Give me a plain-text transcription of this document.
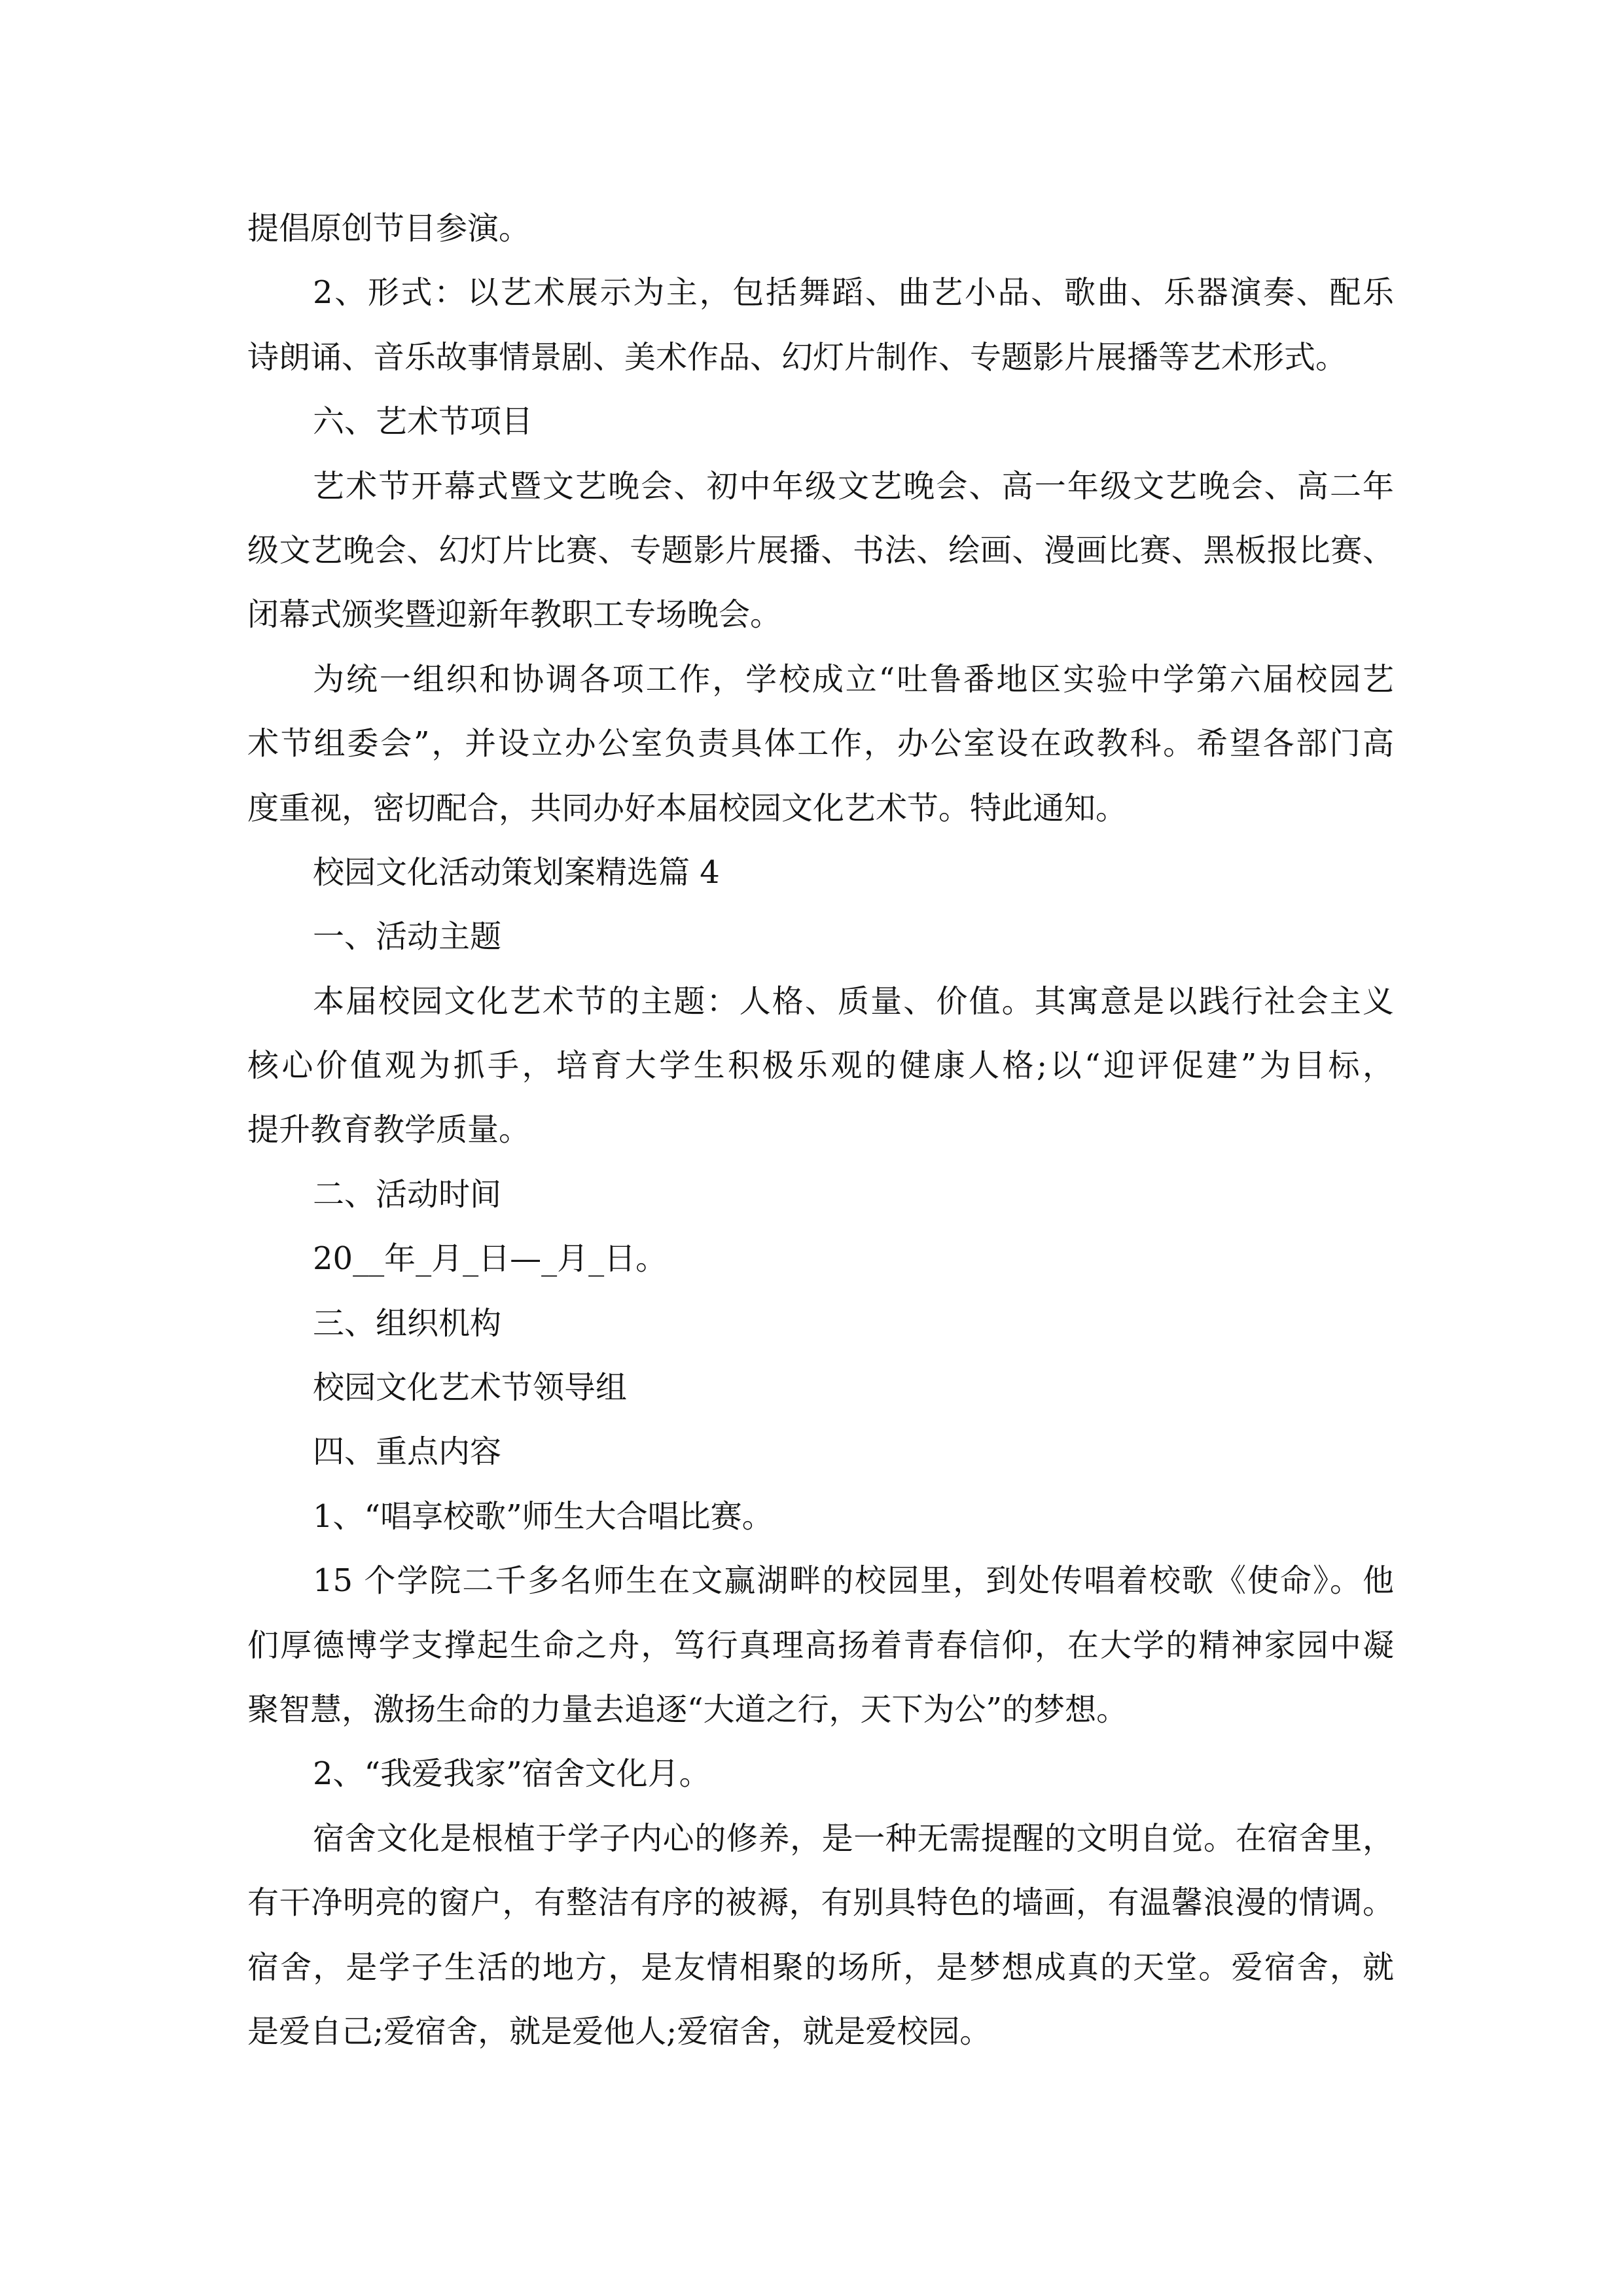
提倡原创节目参演。
2、形式：以艺术展示为主，包括舞蹈、曲艺小品、歌曲、乐器演奏、配乐
诗朗诵、音乐故事情景剧、美术作品、幻灯片制作、专题影片展播等艺术形式。
六、艺术节项目
艺术节开幕式暨文艺晚会、初中年级文艺晚会、高一年级文艺晚会、高二年
级文艺晚会、幻灯片比赛、专题影片展播、书法、绘画、漫画比赛、黑板报比赛、
闭幕式颁奖暨迎新年教职工专场晚会。
为统一组织和协调各项工作，学校成立“吐鲁番地区实验中学第六届校园艺
术节组委会”，并设立办公室负责具体工作，办公室设在政教科。希望各部门高
度重视，密切配合，共同办好本届校园文化艺术节。特此通知。
校园文化活动策划案精选篇 4
一、活动主题
本届校园文化艺术节的主题：人格、质量、价值。其寓意是以践行社会主义
核心价值观为抓手，培育大学生积极乐观的健康人格;以“迎评促建”为目标，
提升教育教学质量。
二、活动时间
20__年_月_日—_月_日。
三、组织机构
校园文化艺术节领导组
四、重点内容
1、“唱享校歌”师生大合唱比赛。
15 个学院二千多名师生在文赢湖畔的校园里，到处传唱着校歌《使命》。他
们厚德博学支撑起生命之舟，笃行真理高扬着青春信仰，在大学的精神家园中凝
聚智慧，激扬生命的力量去追逐“大道之行，天下为公”的梦想。
2、“我爱我家”宿舍文化月。
宿舍文化是根植于学子内心的修养，是一种无需提醒的文明自觉。在宿舍里，
有干净明亮的窗户，有整洁有序的被褥，有别具特色的墙画，有温馨浪漫的情调。
宿舍，是学子生活的地方，是友情相聚的场所，是梦想成真的天堂。爱宿舍，就
是爱自己;爱宿舍，就是爱他人;爱宿舍，就是爱校园。
